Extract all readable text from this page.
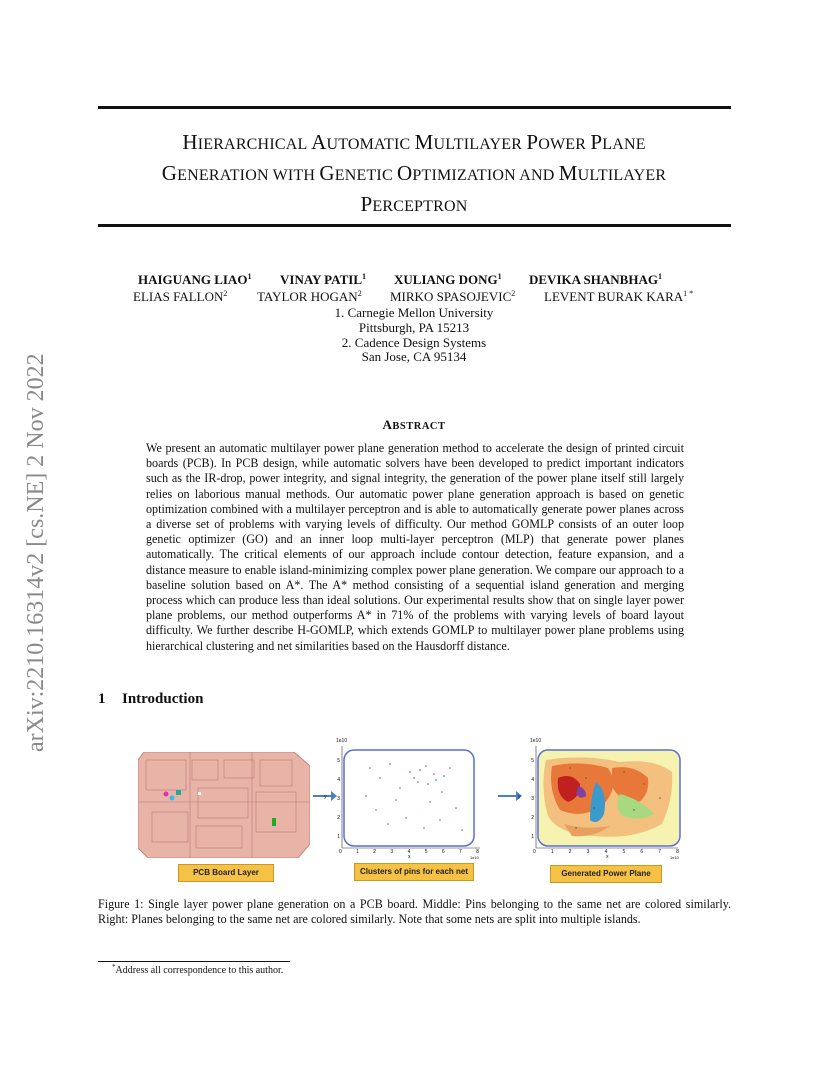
HIERARCHICAL AUTOMATIC MULTILAYER POWER PLANE
GENERATION WITH GENETIC OPTIMIZATION AND MULTILAYER
PERCEPTRON
arXiv:2210.16314v2 [cs.NE] 2 Nov 2022
HAIGUANG LIAO$^1$ VINAY PATIL$^1$ XULIANG DONG$^1$ DEVIKA SHANBHAG$^1$
ELIAS FALLON$^2$ TAYLOR HOGAN$^2$ MIRKO SPASOJEVIC$^2$ LEVENT BURAK $KARA^{1 *}$
1. Carnegie Mellon University
Pittsburgh, PA 15213
2. Cadence Design Systems
San Jose, CA 95134
ABSTRACT
We present an automatic multilayer power plane generation method to accelerate the design of printed circuit boards (PCB). In PCB design, while automatic solvers have been developed to predict important indicators such as the IR-drop, power integrity, and signal integrity, the generation of the power plane itself still largely relies on laborious manual methods. Our automatic power plane generation approach is based on genetic optimization combined with a multilayer perceptron and is able to automatically generate power planes across a diverse set of problems with varying levels of difficulty. Our method GOMLP consists of an outer loop genetic optimizer (GO) and an inner loop multi-layer perceptron (MLP) that generate power planes automatically. The critical elements of our approach include contour detection, feature expansion, and a distance measure to enable island-minimizing complex power plane generation. We compare our approach to a baseline solution based on A*. The A* method consisting of a sequential island generation and merging process which can produce less than ideal solutions. Our experimental results show that on single layer power plane problems, our method outperforms A* in 71% of the problems with varying levels of board layout difficulty. We further describe H-GOMLP, which extends GOMLP to multilayer power plane problems using hierarchical clustering and net similarities based on the Hausdorff distance.
1 Introduction
1e10
5
4
3
2
1
y
0	1	2	3	4	5	6	7	8
x	1e10
1e10
5
4
3
2
1
y
0	1	2	3	4	5	6	7	8
x	1e10
PCB Board Layer	Clusters of pins for each net	Generated Power Plane
Figure 1: Single layer power plane generation on a PCB board. Middle: Pins belonging to the same net are colored similarly. Right: Planes belonging to the same net are colored similarly. Note that some nets are split into multiple islands.
*Address all correspondence to this author.
